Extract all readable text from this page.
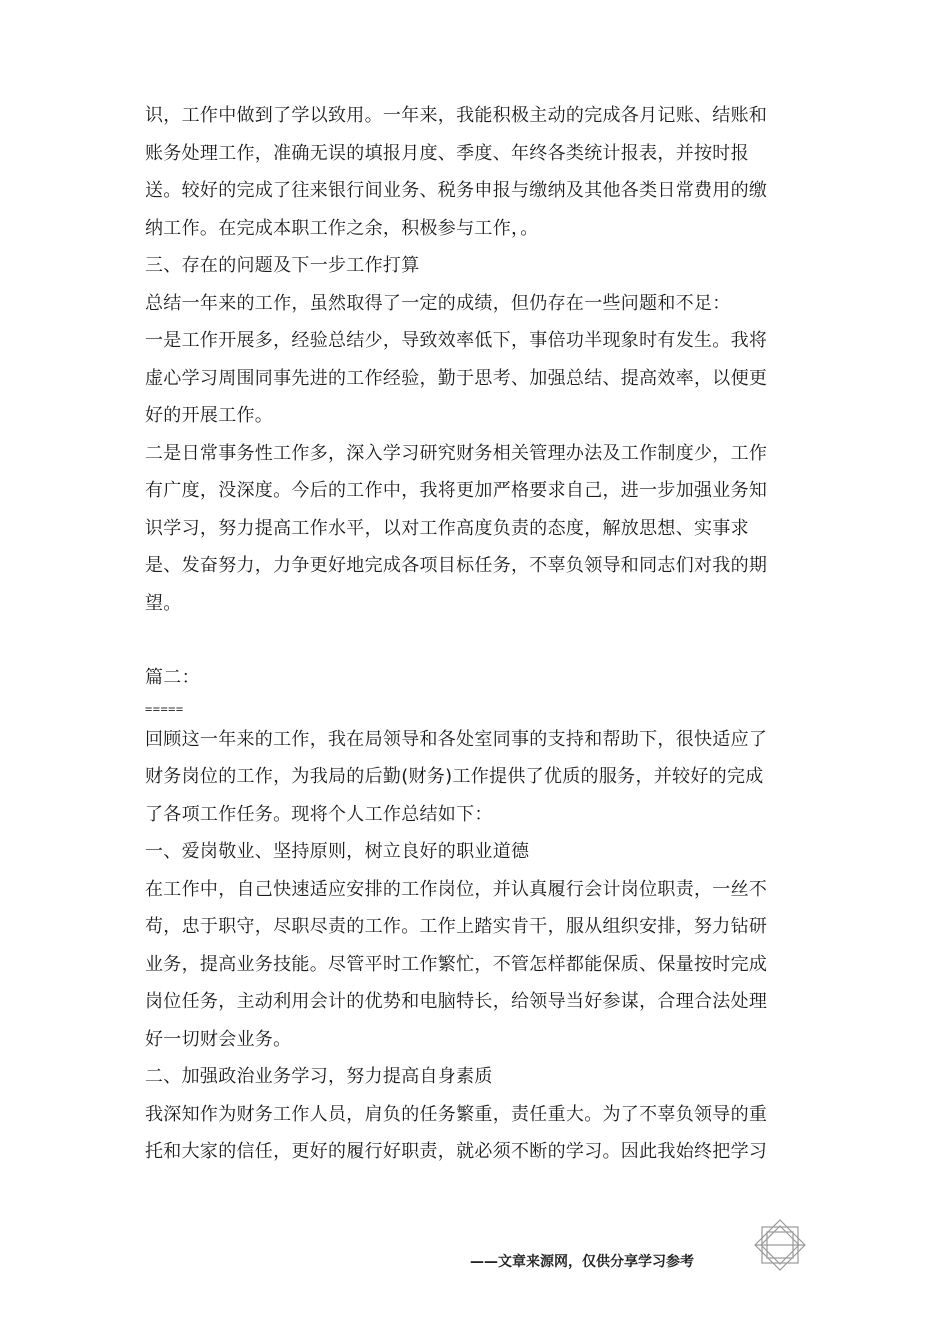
识，工作中做到了学以致用。一年来，我能积极主动的完成各月记账、结账和
账务处理工作，准确无误的填报月度、季度、年终各类统计报表，并按时报
送。较好的完成了往来银行间业务、税务申报与缴纳及其他各类日常费用的缴
纳工作。在完成本职工作之余，积极参与工作，。
三、存在的问题及下一步工作打算
总结一年来的工作，虽然取得了一定的成绩，但仍存在一些问题和不足：
一是工作开展多，经验总结少，导致效率低下，事倍功半现象时有发生。我将
虚心学习周围同事先进的工作经验，勤于思考、加强总结、提高效率，以便更
好的开展工作。
二是日常事务性工作多，深入学习研究财务相关管理办法及工作制度少，工作
有广度，没深度。今后的工作中，我将更加严格要求自己，进一步加强业务知
识学习，努力提高工作水平，以对工作高度负责的态度，解放思想、实事求
是、发奋努力，力争更好地完成各项目标任务，不辜负领导和同志们对我的期
望。
篇二：
=====
回顾这一年来的工作，我在局领导和各处室同事的支持和帮助下，很快适应了
财务岗位的工作，为我局的后勤(财务)工作提供了优质的服务，并较好的完成
了各项工作任务。现将个人工作总结如下：
一、爱岗敬业、坚持原则，树立良好的职业道德
在工作中，自己快速适应安排的工作岗位，并认真履行会计岗位职责，一丝不
苟，忠于职守，尽职尽责的工作。工作上踏实肯干，服从组织安排，努力钻研
业务，提高业务技能。尽管平时工作繁忙，不管怎样都能保质、保量按时完成
岗位任务，主动利用会计的优势和电脑特长，给领导当好参谋，合理合法处理
好一切财会业务。
二、加强政治业务学习，努力提高自身素质
我深知作为财务工作人员，肩负的任务繁重，责任重大。为了不辜负领导的重
托和大家的信任，更好的履行好职责，就必须不断的学习。因此我始终把学习
——文章来源网，仅供分享学习参考
